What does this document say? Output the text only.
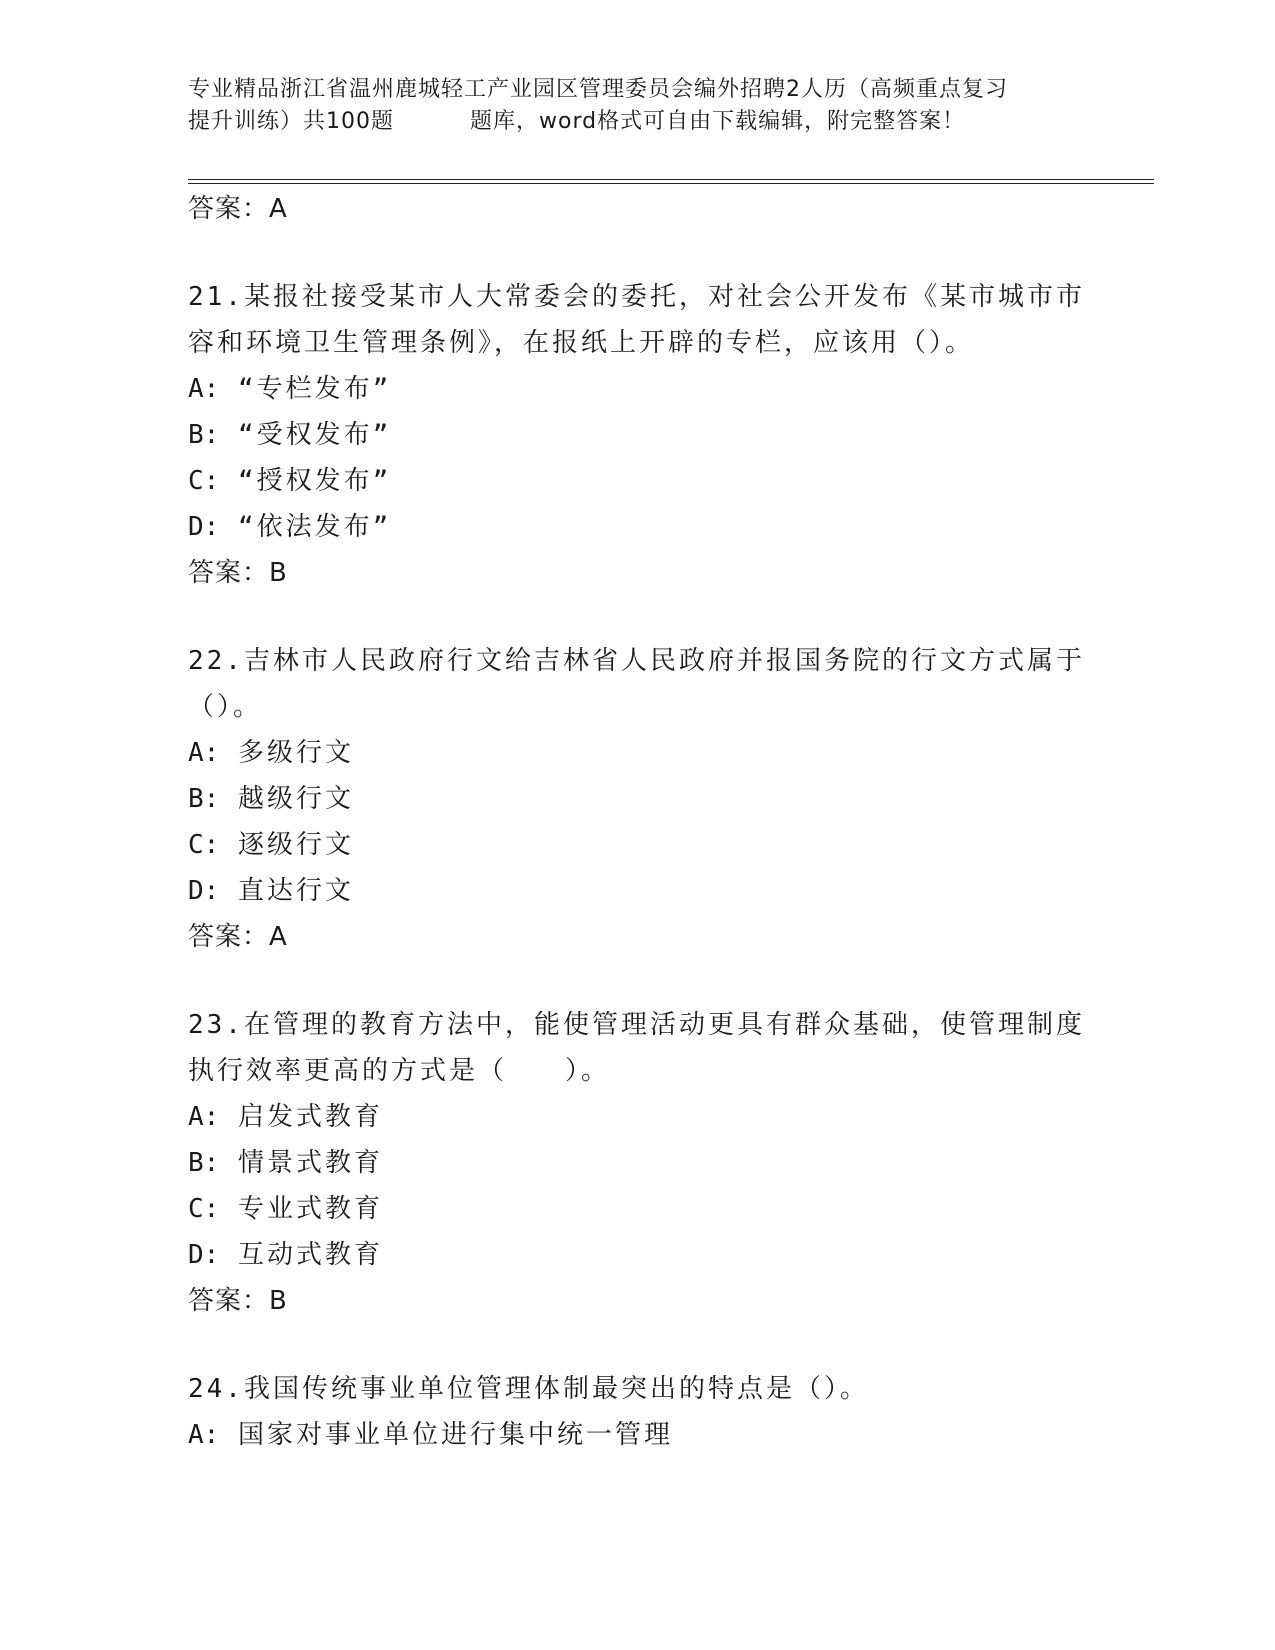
专业精品浙江省温州鹿城轻工产业园区管理委员会编外招聘2人历（高频重点复习
提升训练）共100题	题库，word格式可自由下载编辑，附完整答案！

答案：A

21.某报社接受某市人大常委会的委托，对社会公开发布《某市城市市容和环境卫生管理条例》，在报纸上开辟的专栏，应该用（）。

A: “专栏发布”

B: “受权发布”

C: “授权发布”

D: “依法发布”

答案：B

22.吉林市人民政府行文给吉林省人民政府并报国务院的行文方式属于（）。

A: 多级行文

B: 越级行文

C: 逐级行文

D: 直达行文

答案：A

23.在管理的教育方法中，能使管理活动更具有群众基础，使管理制度执行效率更高的方式是（　　）。

A: 启发式教育

B: 情景式教育

C: 专业式教育

D: 互动式教育

答案：B

24.我国传统事业单位管理体制最突出的特点是（）。

A: 国家对事业单位进行集中统一管理
